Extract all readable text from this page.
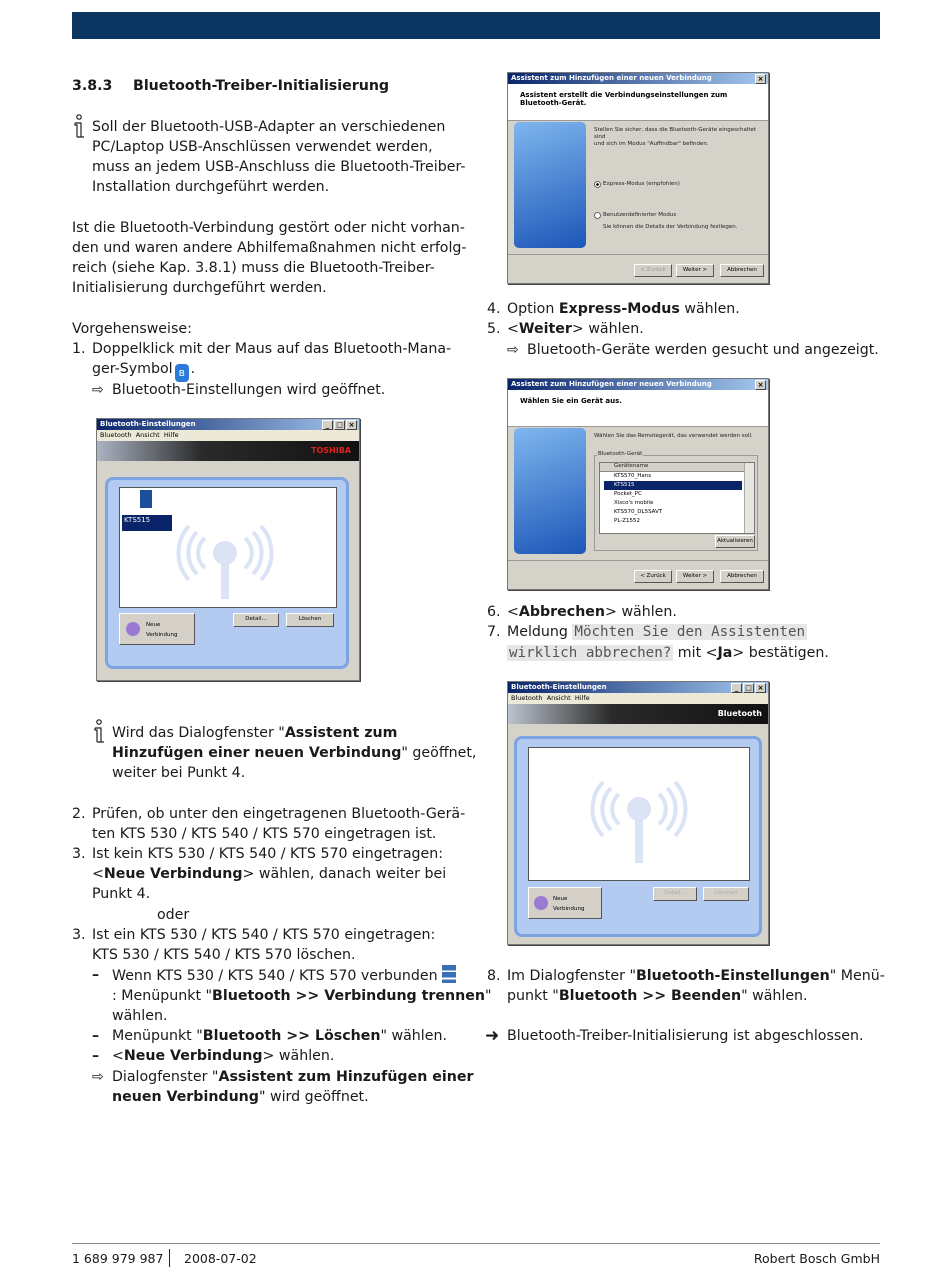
de  |  12  |  KTS 530 / KTS 540 / KTS 570  |  Gerätebeschreibung

3.8.3 Bluetooth-Treiber-Initialisierung
Soll der Bluetooth-USB-Adapter an verschiedenen
PC/Laptop USB-Anschlüssen verwendet werden,
muss an jedem USB-Anschluss die Bluetooth-Treiber-
Installation durchgeführt werden.
Ist die Bluetooth-Verbindung gestört oder nicht vorhan-
den und waren andere Abhilfemaßnahmen nicht erfolg-
reich (siehe Kap. 3.8.1) muss die Bluetooth-Treiber-
Initialisierung durchgeführt werden.
Vorgehensweise:
1. Doppelklick mit der Maus auf das Bluetooth-Mana-
ger-Symbol ʙ .
⇨ Bluetooth-Einstellungen wird geöffnet.
Bluetooth-Einstellungen	_ □ ×
Bluetooth Ansicht Hilfe
TOSHIBA
KTS515
Neue
Verbindung
Detail...	Löschen
Wird das Dialogfenster "Assistent zum
Hinzufügen einer neuen Verbindung" geöffnet,
weiter bei Punkt 4.
2. Prüfen, ob unter den eingetragenen Bluetooth-Gerä-
ten KTS 530 / KTS 540 / KTS 570 eingetragen ist.
3. Ist kein KTS 530 / KTS 540 / KTS 570 eingetragen:
<Neue Verbindung> wählen, danach weiter bei
Punkt 4.
oder
3. Ist ein KTS 530 / KTS 540 / KTS 570 eingetragen:
KTS 530 / KTS 540 / KTS 570 löschen.
– Wenn KTS 530 / KTS 540 / KTS 570 verbunden
: Menüpunkt "Bluetooth >> Verbindung trennen"
wählen.
– Menüpunkt "Bluetooth >> Löschen" wählen.
– <Neue Verbindung> wählen.
⇨ Dialogfenster "Assistent zum Hinzufügen einer
neuen Verbindung" wird geöffnet.
Assistent zum Hinzufügen einer neuen Verbindung	×
Assistent erstellt die Verbindungseinstellungen zum Bluetooth-Gerät.
Stellen Sie sicher, dass die Bluetooth-Geräte eingeschaltet sind
und sich im Modus "Auffindbar" befinden.
Express-Modus (empfohlen)
Benutzerdefinierter Modus
Sie können die Details der Verbindung festlegen.
< Zurück	Weiter >	Abbrechen
4. Option Express-Modus wählen.
5. <Weiter> wählen.
⇨ Bluetooth-Geräte werden gesucht und angezeigt.
Assistent zum Hinzufügen einer neuen Verbindung	×
Wählen Sie ein Gerät aus.
Wählen Sie das Remotegerät, das verwendet werden soll.
Bluetooth-Gerät
Gerätename
KTS570_Hans
KTS515
Pocket_PC
Xisco's mobile
KTS570_DL5SAVT
PL-Z1552
Aktualisieren
< Zurück	Weiter >	Abbrechen
6. <Abbrechen> wählen.
7. Meldung Möchten Sie den Assistenten
wirklich abbrechen? mit <Ja> bestätigen.
Bluetooth-Einstellungen	_ □ ×
Bluetooth Ansicht Hilfe
Bluetooth
Neue
Verbindung
Detail...	Löschen
8. Im Dialogfenster "Bluetooth-Einstellungen" Menü-
punkt "Bluetooth >> Beenden" wählen.
➜ Bluetooth-Treiber-Initialisierung ist abgeschlossen.
1 689 979 987 2008-07-02	Robert Bosch GmbH
